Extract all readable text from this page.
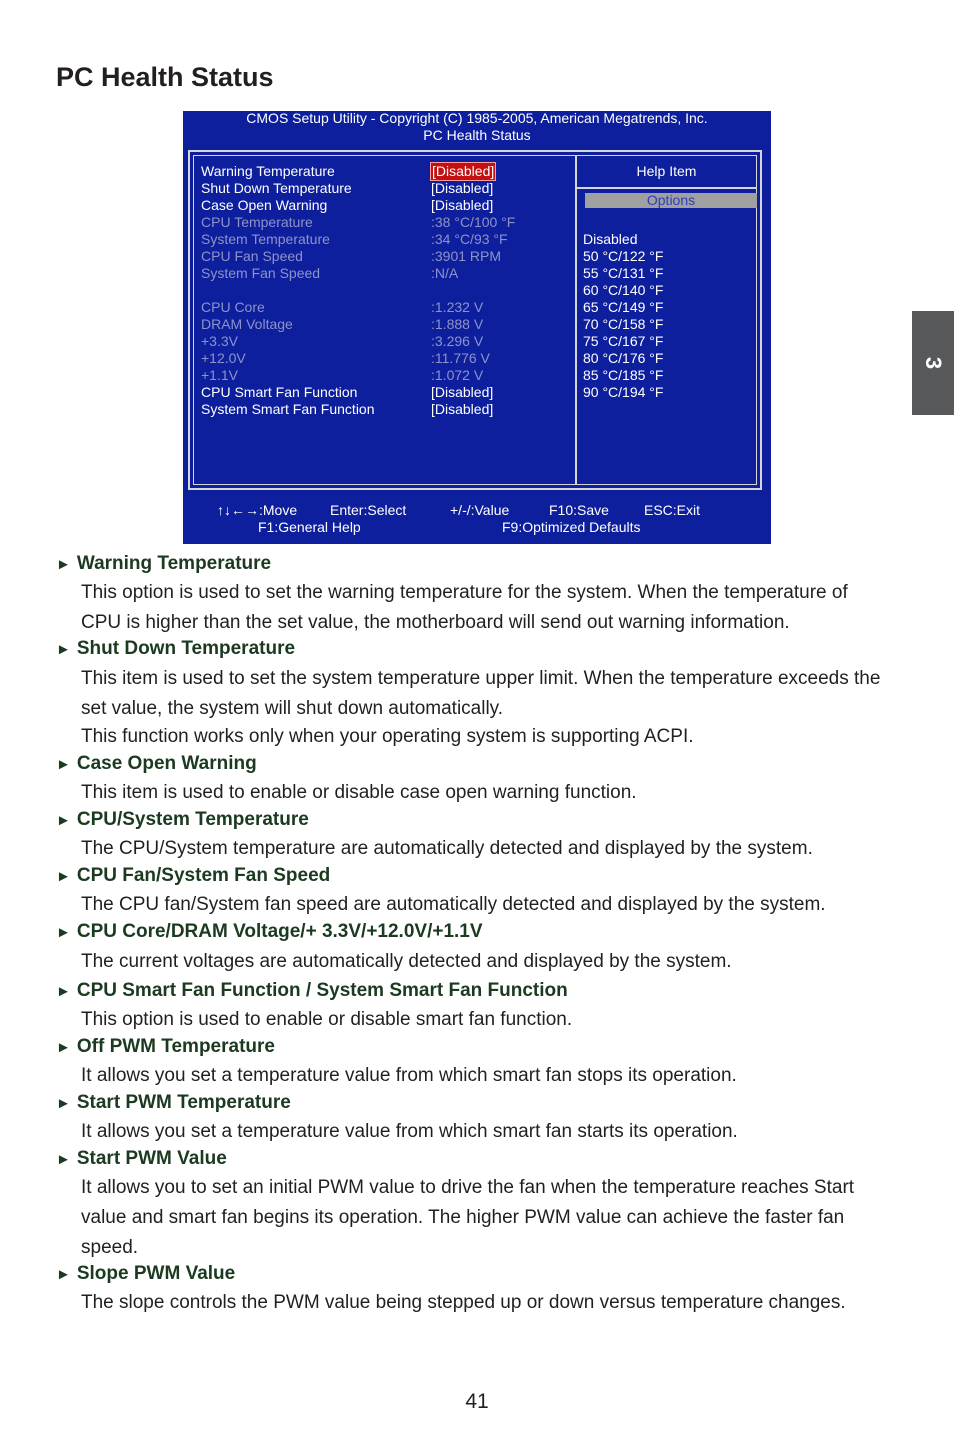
PC Health Status
3
CMOS Setup Utility - Copyright (C) 1985-2005, American Megatrends, Inc.
PC Health Status
Help Item
Options
Warning Temperature	[Disabled]
Shut Down Temperature	[Disabled]
Case Open Warning	[Disabled]
CPU Temperature	:38 °C/100 °F
System Temperature	:34 °C/93 °F
CPU Fan Speed	:3901 RPM
System Fan Speed	:N/A
CPU Core	:1.232 V
DRAM Voltage	:1.888 V
+3.3V	:3.296 V
+12.0V	:11.776 V
+1.1V	:1.072 V
CPU Smart Fan Function	[Disabled]
System Smart Fan Function	[Disabled]
Disabled
50 °C/122 °F
55 °C/131 °F
60 °C/140 °F
65 °C/149 °F
70 °C/158 °F
75 °C/167 °F
80 °C/176 °F
85 °C/185 °F
90 °C/194 °F
↑↓←→:Move Enter:Select	+/-/:Value	F10:Save	ESC:Exit
F1:General Help	F9:Optimized Defaults
► Warning Temperature

This option is used to set the warning temperature for the system. When the temperature of CPU is higher than the set value, the motherboard will send out warning information.

► Shut Down Temperature

This item is used to set the system temperature upper limit. When the temperature exceeds the set value, the system will shut down automatically.

This function works only when your operating system is supporting ACPI.

► Case Open Warning

This item is used to enable or disable case open warning function.

► CPU/System Temperature

The CPU/System temperature are automatically detected and displayed by the system.

► CPU Fan/System Fan Speed

The CPU fan/System fan speed are automatically detected and displayed by the system.

► CPU Core/DRAM Voltage/+ 3.3V/+12.0V/+1.1V

The current voltages are automatically detected and displayed by the system.

► CPU Smart Fan Function / System Smart Fan Function

This option is used to enable or disable smart fan function.

► Off PWM Temperature

It allows you set a temperature value from which smart fan stops its operation.

► Start PWM Temperature

It allows you set a temperature value from which smart fan starts its operation.

► Start PWM Value

It allows you to set an initial PWM value to drive the fan when the temperature reaches Start value and smart fan begins its operation. The higher PWM value can achieve the faster fan speed.

► Slope PWM Value

The slope controls the PWM value being stepped up or down versus temperature changes.

41
